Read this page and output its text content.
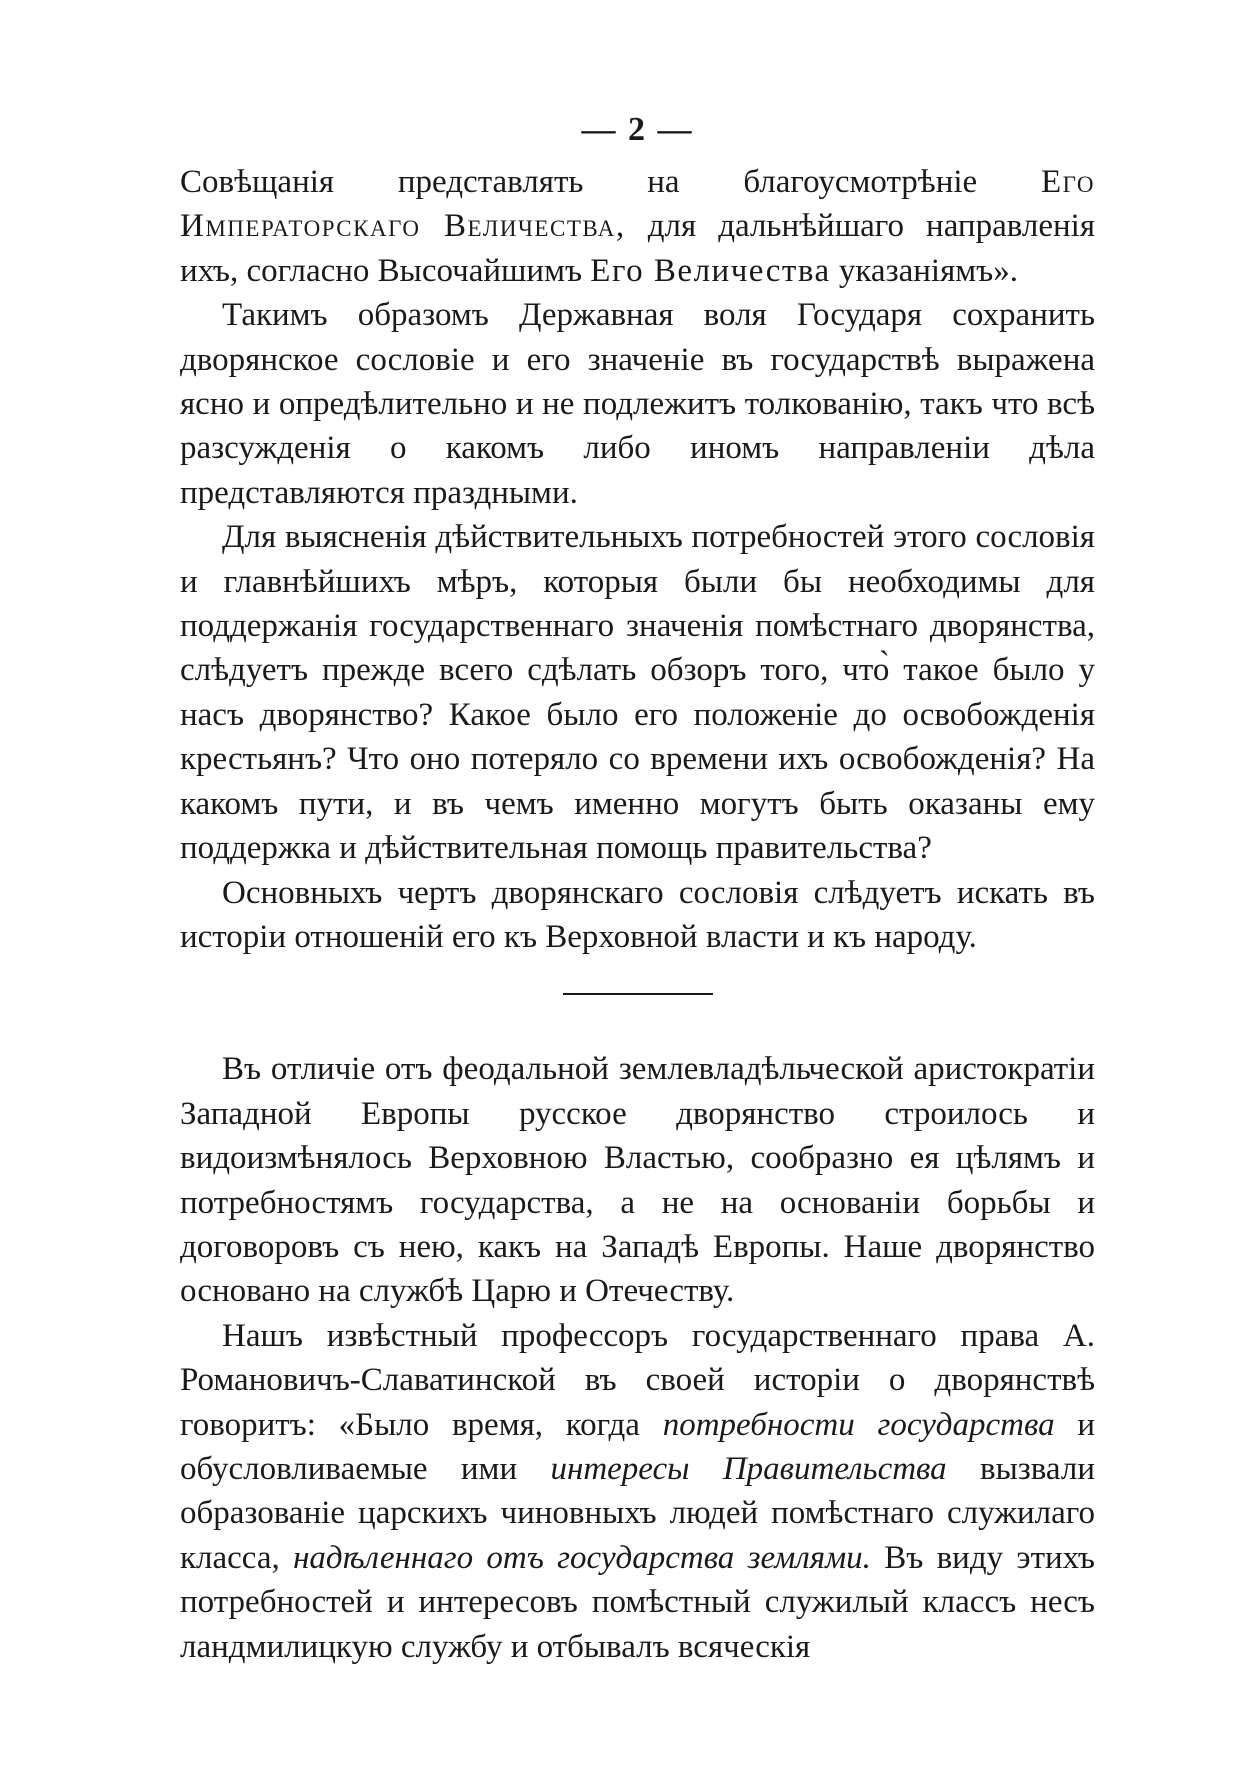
— 2 —

Совѣщанія представлять на благоусмотрѣніе Его Императорскаго Величества, для дальнѣйшаго направленія ихъ, согласно Высочайшимъ Его Величества указаніямъ».

Такимъ образомъ Державная воля Государя сохранить дворянское сословіе и его значеніе въ государствѣ выражена ясно и опредѣлительно и не подлежитъ толкованію, такъ что всѣ разсужденія о какомъ либо иномъ направленіи дѣла представляются праздными.

Для выясненія дѣйствительныхъ потребностей этого сословія и главнѣйшихъ мѣръ, которыя были бы необходимы для поддержанія государственнаго значенія помѣстнаго дворянства, слѣдуетъ прежде всего сдѣлать обзоръ того, что̀ такое было у насъ дворянство? Какое было его положеніе до освобожденія крестьянъ? Что оно потеряло со времени ихъ освобожденія? На какомъ пути, и въ чемъ именно могутъ быть оказаны ему поддержка и дѣйствительная помощь правительства?

Основныхъ чертъ дворянскаго сословія слѣдуетъ искать въ исторіи отношеній его къ Верховной власти и къ народу.

Въ отличіе отъ феодальной землевладѣльческой аристократіи Западной Европы русское дворянство строилось и видоизмѣнялось Верховною Властью, сообразно ея цѣлямъ и потребностямъ государства, а не на основаніи борьбы и договоровъ съ нею, какъ на Западѣ Европы. Наше дворянство основано на службѣ Царю и Отечеству.

Нашъ извѣстный профессоръ государственнаго права А. Романовичъ-Славатинской въ своей исторіи о дворянствѣ говоритъ: «Было время, когда потребности государства и обусловливаемые ими интересы Правительства вызвали образованіе царскихъ чиновныхъ людей помѣстнаго служилаго класса, надѣленнаго отъ государства землями. Въ виду этихъ потребностей и интересовъ помѣстный служилый классъ несъ ландмилицкую службу и отбывалъ всяческія
